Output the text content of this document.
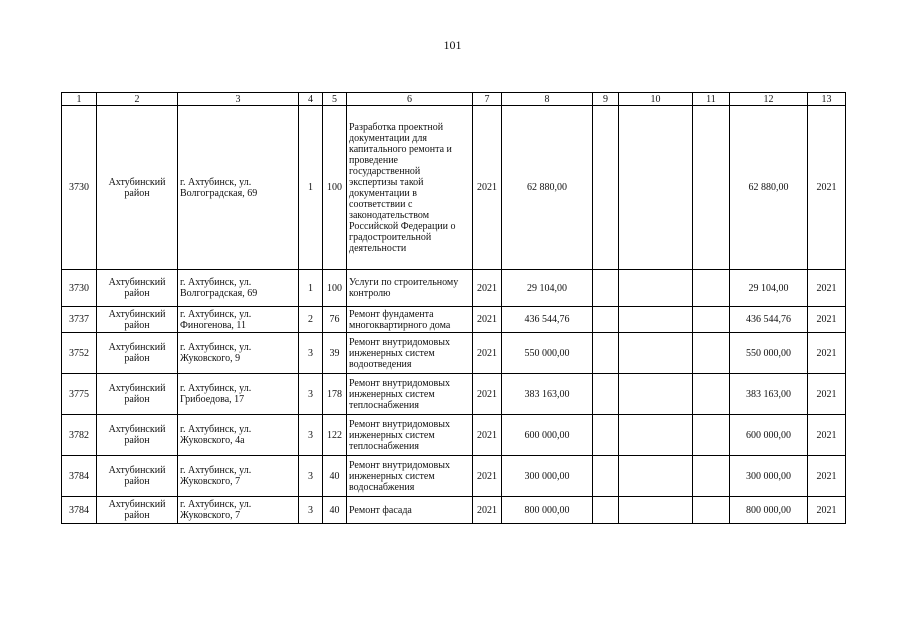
101
1	2	3	4	5	6	7	8	9	10	11	12	13
3730	Ахтубинский район	г. Ахтубинск, ул. Волгоградская, 69	1	100	Разработка проектной документации для капитального ремонта и проведение государственной экспертизы такой документации в соответствии с законодательством Российской Федерации о градостроительной деятельности	2021	62 880,00				62 880,00	2021
3730	Ахтубинский район	г. Ахтубинск, ул. Волгоградская, 69	1	100	Услуги по строительному контролю	2021	29 104,00				29 104,00	2021
3737	Ахтубинский район	г. Ахтубинск, ул. Финогенова, 11	2	76	Ремонт фундамента многоквартирного дома	2021	436 544,76				436 544,76	2021
3752	Ахтубинский район	г. Ахтубинск, ул. Жуковского, 9	3	39	Ремонт внутридомовых инженерных систем водоотведения	2021	550 000,00				550 000,00	2021
3775	Ахтубинский район	г. Ахтубинск, ул. Грибоедова, 17	3	178	Ремонт внутридомовых инженерных систем теплоснабжения	2021	383 163,00				383 163,00	2021
3782	Ахтубинский район	г. Ахтубинск, ул. Жуковского, 4а	3	122	Ремонт внутридомовых инженерных систем теплоснабжения	2021	600 000,00				600 000,00	2021
3784	Ахтубинский район	г. Ахтубинск, ул. Жуковского, 7	3	40	Ремонт внутридомовых инженерных систем водоснабжения	2021	300 000,00				300 000,00	2021
3784	Ахтубинский район	г. Ахтубинск, ул. Жуковского, 7	3	40	Ремонт фасада	2021	800 000,00				800 000,00	2021
